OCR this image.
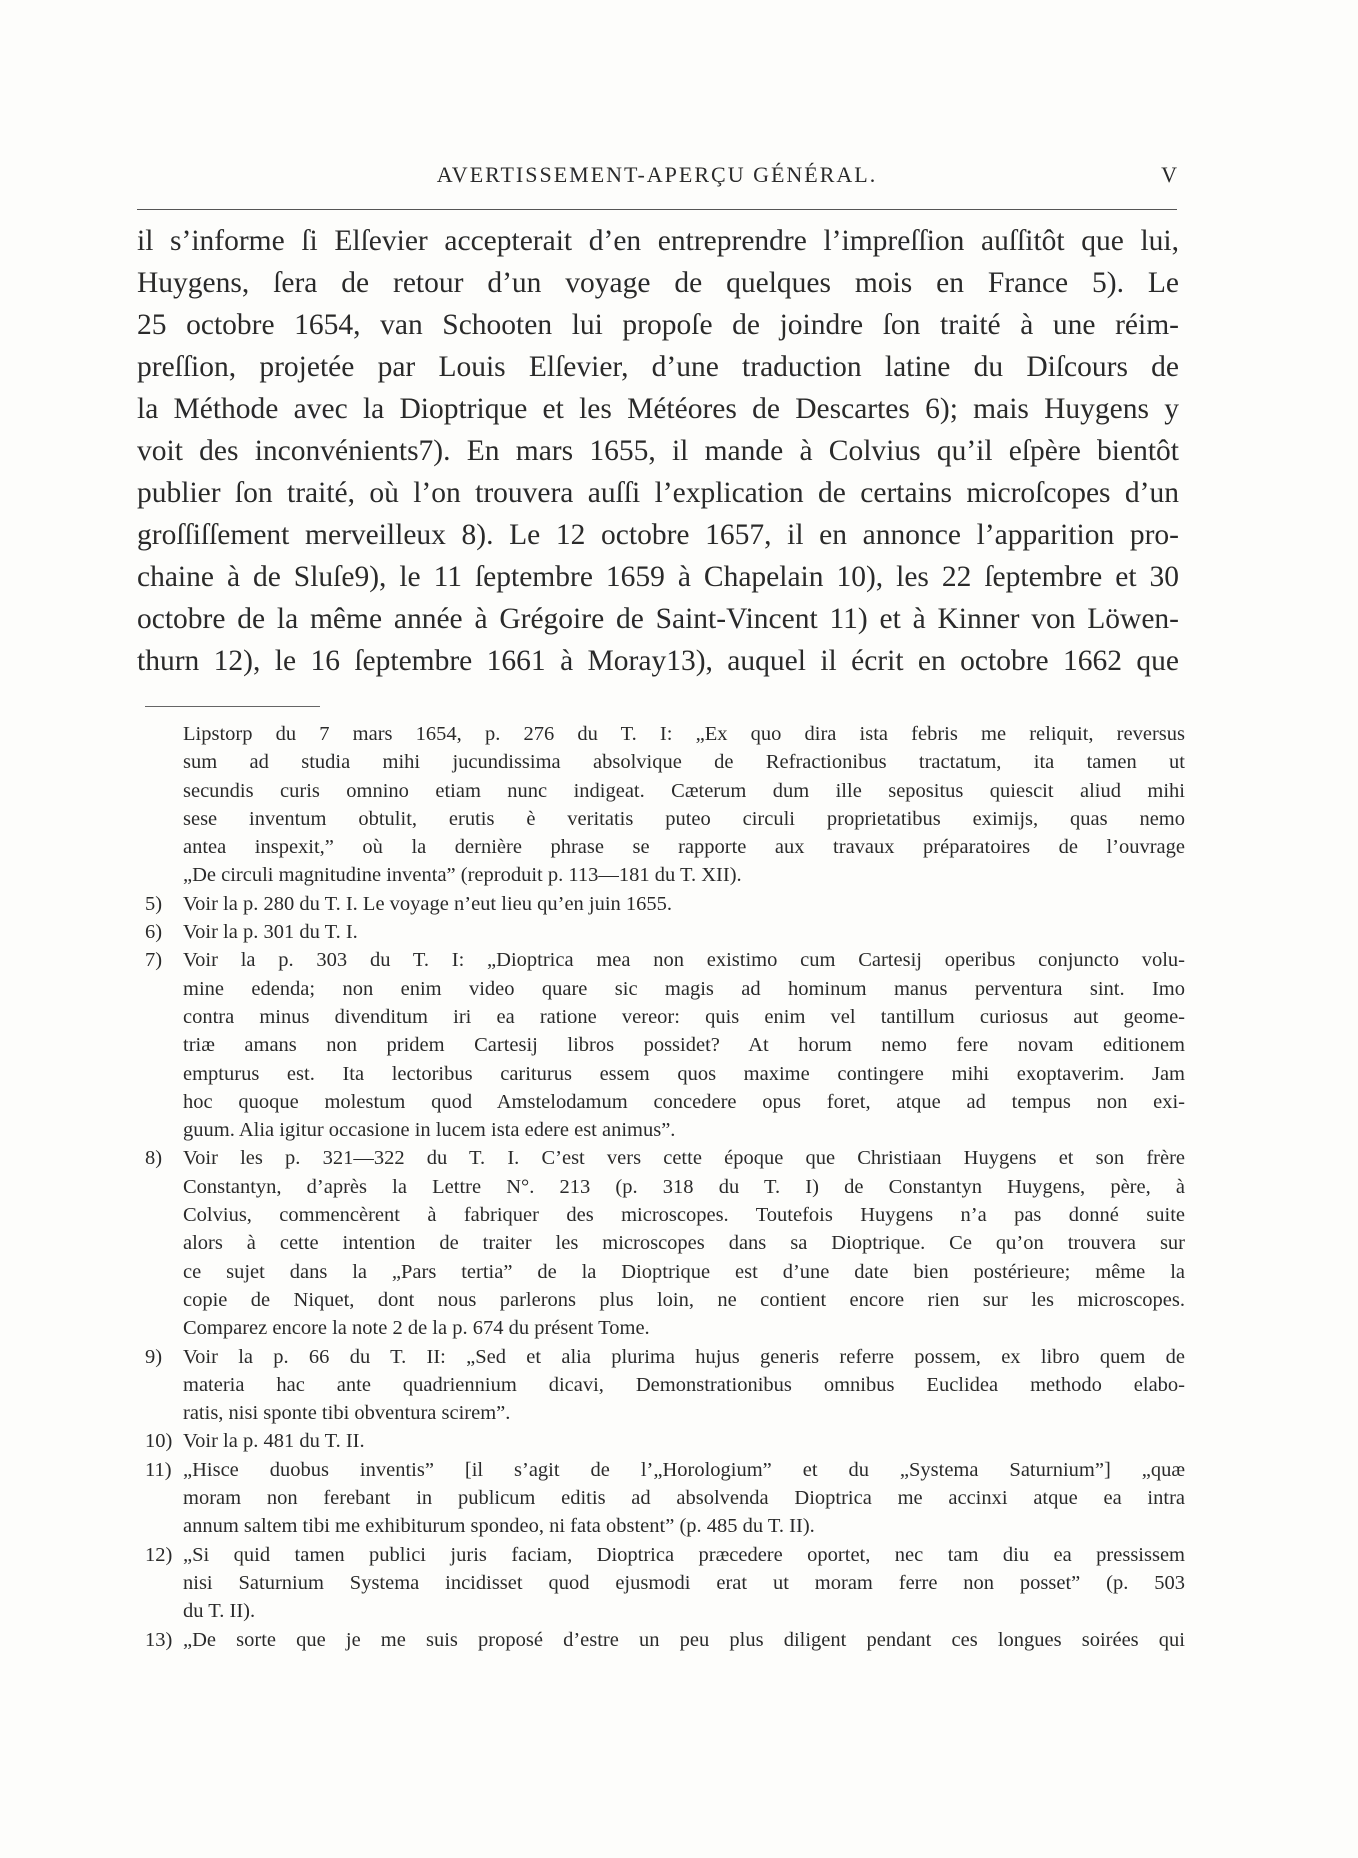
AVERTISSEMENT-APERÇU GÉNÉRAL.	V
il s’informe ſi Elſevier accepterait d’en entreprendre l’impreſſion auſſitôt que lui,
Huygens, ſera de retour d’un voyage de quelques mois en France 5). Le
25 octobre 1654, van Schooten lui propoſe de joindre ſon traité à une réim-
preſſion, projetée par Louis Elſevier, d’une traduction latine du Diſcours de
la Méthode avec la Dioptrique et les Météores de Descartes 6); mais Huygens y
voit des inconvénients7). En mars 1655, il mande à Colvius qu’il eſpère bientôt
publier ſon traité, où l’on trouvera auſſi l’explication de certains microſcopes d’un
groſſiſſement merveilleux 8). Le 12 octobre 1657, il en annonce l’apparition pro-
chaine à de Sluſe9), le 11 ſeptembre 1659 à Chapelain 10), les 22 ſeptembre et 30
octobre de la même année à Grégoire de Saint-Vincent 11) et à Kinner von Löwen-
thurn 12), le 16 ſeptembre 1661 à Moray13), auquel il écrit en octobre 1662 que
Lipstorp du 7 mars 1654, p. 276 du T. I: „Ex quo dira ista febris me reliquit, reversus
sum ad studia mihi jucundissima absolvique de Refractionibus tractatum, ita tamen ut
secundis curis omnino etiam nunc indigeat. Cæterum dum ille sepositus quiescit aliud mihi
sese inventum obtulit, erutis è veritatis puteo circuli proprietatibus eximijs, quas nemo
antea inspexit,” où la dernière phrase se rapporte aux travaux préparatoires de l’ouvrage
„De circuli magnitudine inventa” (reproduit p. 113—181 du T. XII).
5)	Voir la p. 280 du T. I. Le voyage n’eut lieu qu’en juin 1655.
6)	Voir la p. 301 du T. I.
7)	Voir la p. 303 du T. I: „Dioptrica mea non existimo cum Cartesij operibus conjuncto volu-
mine edenda; non enim video quare sic magis ad hominum manus perventura sint. Imo
contra minus divenditum iri ea ratione vereor: quis enim vel tantillum curiosus aut geome-
triæ amans non pridem Cartesij libros possidet? At horum nemo fere novam editionem
empturus est. Ita lectoribus cariturus essem quos maxime contingere mihi exoptaverim. Jam
hoc quoque molestum quod Amstelodamum concedere opus foret, atque ad tempus non exi-
guum. Alia igitur occasione in lucem ista edere est animus”.
8)	Voir les p. 321—322 du T. I. C’est vers cette époque que Christiaan Huygens et son frère
Constantyn, d’après la Lettre N°. 213 (p. 318 du T. I) de Constantyn Huygens, père, à
Colvius, commencèrent à fabriquer des microscopes. Toutefois Huygens n’a pas donné suite
alors à cette intention de traiter les microscopes dans sa Dioptrique. Ce qu’on trouvera sur
ce sujet dans la „Pars tertia” de la Dioptrique est d’une date bien postérieure; même la
copie de Niquet, dont nous parlerons plus loin, ne contient encore rien sur les microscopes.
Comparez encore la note 2 de la p. 674 du présent Tome.
9)	Voir la p. 66 du T. II: „Sed et alia plurima hujus generis referre possem, ex libro quem de
materia hac ante quadriennium dicavi, Demonstrationibus omnibus Euclidea methodo elabo-
ratis, nisi sponte tibi obventura scirem”.
10) Voir la p. 481 du T. II.
11) „Hisce duobus inventis” [il s’agit de l’„Horologium” et du „Systema Saturnium”] „quæ
moram non ferebant in publicum editis ad absolvenda Dioptrica me accinxi atque ea intra
annum saltem tibi me exhibiturum spondeo, ni fata obstent” (p. 485 du T. II).
12) „Si quid tamen publici juris faciam, Dioptrica præcedere oportet, nec tam diu ea pressissem
nisi Saturnium Systema incidisset quod ejusmodi erat ut moram ferre non posset” (p. 503
du T. II).
13) „De sorte que je me suis proposé d’estre un peu plus diligent pendant ces longues soirées qui
